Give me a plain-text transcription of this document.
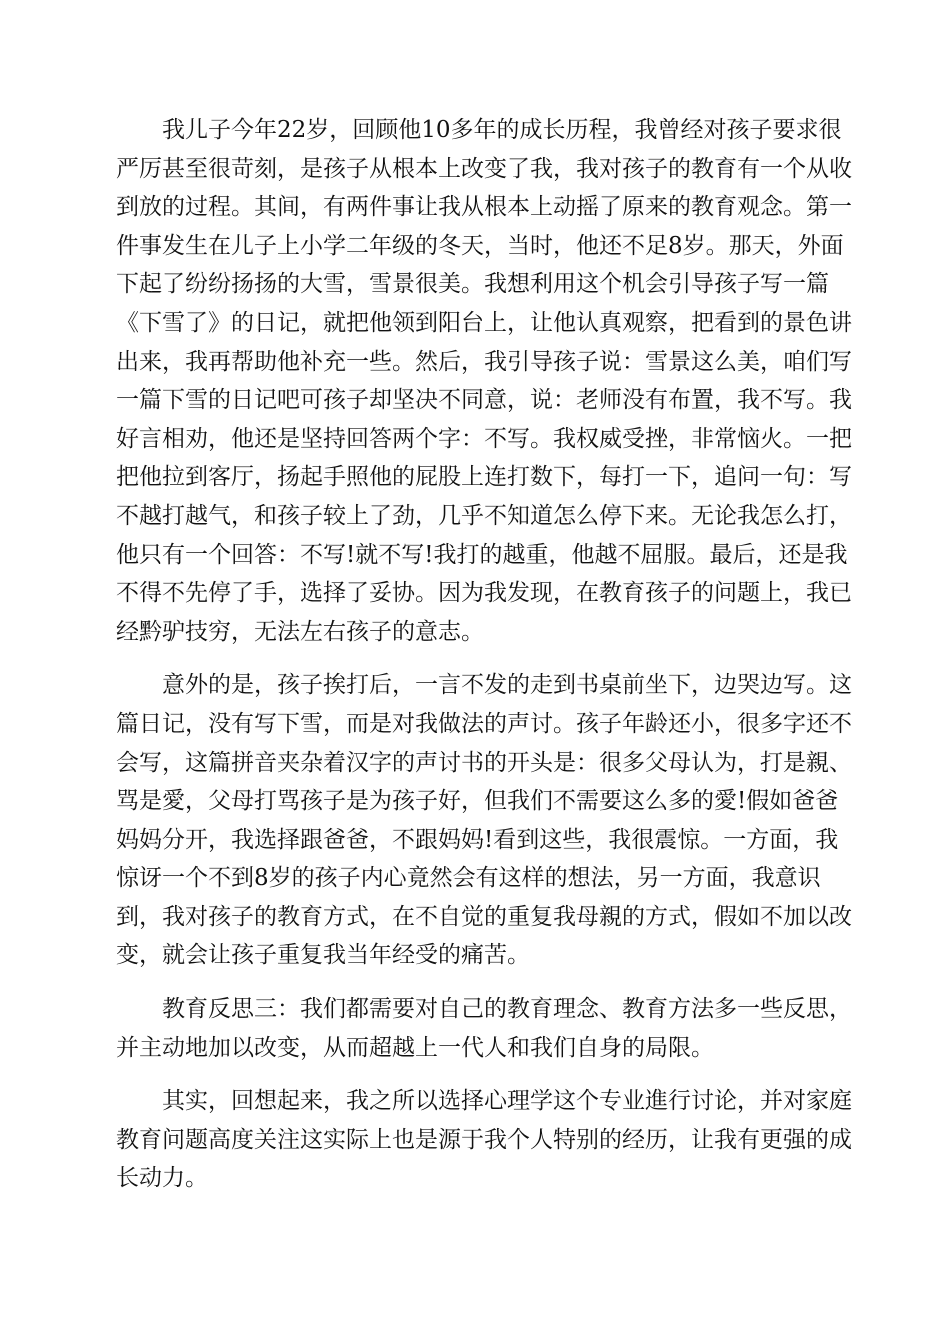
　　我儿子今年22岁，回顾他10多年的成长历程，我曾经对孩子要求很
严厉甚至很苛刻，是孩子从根本上改变了我，我对孩子的教育有一个从收
到放的过程。其间，有两件事让我从根本上动摇了原来的教育观念。第一
件事发生在儿子上小学二年级的冬天，当时，他还不足8岁。那天，外面
下起了纷纷扬扬的大雪，雪景很美。我想利用这个机会引导孩子写一篇
《下雪了》的日记，就把他领到阳台上，让他认真观察，把看到的景色讲
出来，我再帮助他补充一些。然后，我引导孩子说：雪景这么美，咱们写
一篇下雪的日记吧可孩子却坚决不同意，说：老师没有布置，我不写。我
好言相劝，他还是坚持回答两个字：不写。我权威受挫，非常恼火。一把
把他拉到客厅，扬起手照他的屁股上连打数下，每打一下，追问一句：写
不越打越气，和孩子较上了劲，几乎不知道怎么停下来。无论我怎么打，
他只有一个回答：不写!就不写!我打的越重，他越不屈服。最后，还是我
不得不先停了手，选择了妥协。因为我发现，在教育孩子的问题上，我已
经黔驴技穷，无法左右孩子的意志。
　　意外的是，孩子挨打后，一言不发的走到书桌前坐下，边哭边写。这
篇日记，没有写下雪，而是对我做法的声讨。孩子年龄还小，很多字还不
会写，这篇拼音夹杂着汉字的声讨书的开头是：很多父母认为，打是親、
骂是愛，父母打骂孩子是为孩子好，但我们不需要这么多的愛!假如爸爸
妈妈分开，我选择跟爸爸，不跟妈妈!看到这些，我很震惊。一方面，我
惊讶一个不到8岁的孩子内心竟然会有这样的想法，另一方面，我意识
到，我对孩子的教育方式，在不自觉的重复我母親的方式，假如不加以改
变，就会让孩子重复我当年经受的痛苦。
　　教育反思三：我们都需要对自己的教育理念、教育方法多一些反思，
并主动地加以改变，从而超越上一代人和我们自身的局限。
　　其实，回想起来，我之所以选择心理学这个专业進行讨论，并对家庭
教育问题高度关注这实际上也是源于我个人特别的经历，让我有更强的成
长动力。
